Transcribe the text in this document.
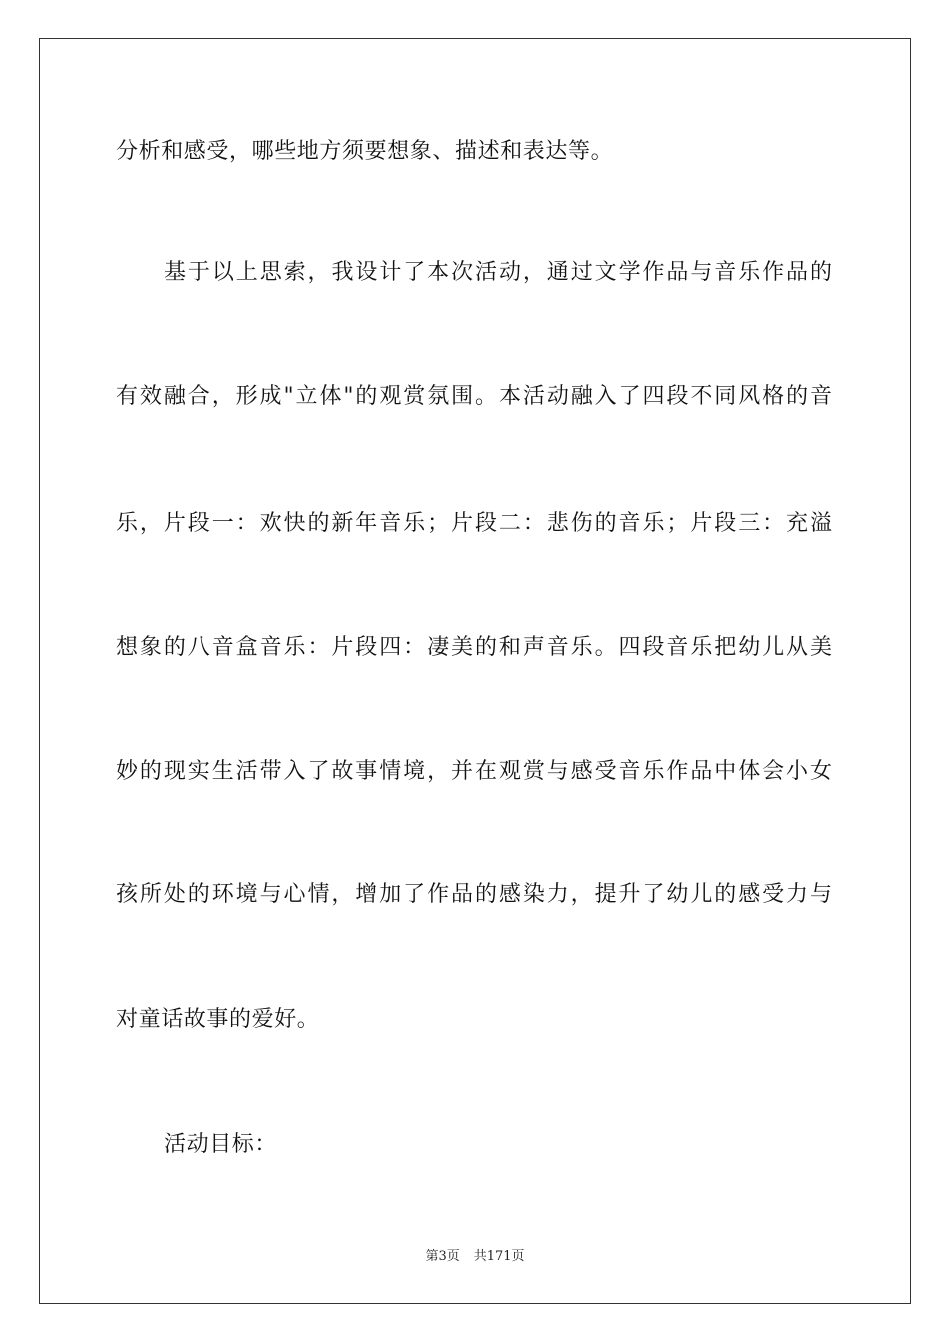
分析和感受，哪些地方须要想象、描述和表达等。
基于以上思索，我设计了本次活动，通过文学作品与音乐作品的
有效融合，形成"立体"的观赏氛围。本活动融入了四段不同风格的音
乐，片段一：欢快的新年音乐；片段二：悲伤的音乐；片段三：充溢
想象的八音盒音乐：片段四：凄美的和声音乐。四段音乐把幼儿从美
妙的现实生活带入了故事情境，并在观赏与感受音乐作品中体会小女
孩所处的环境与心情，增加了作品的感染力，提升了幼儿的感受力与
对童话故事的爱好。
活动目标：
第3页 共171页
